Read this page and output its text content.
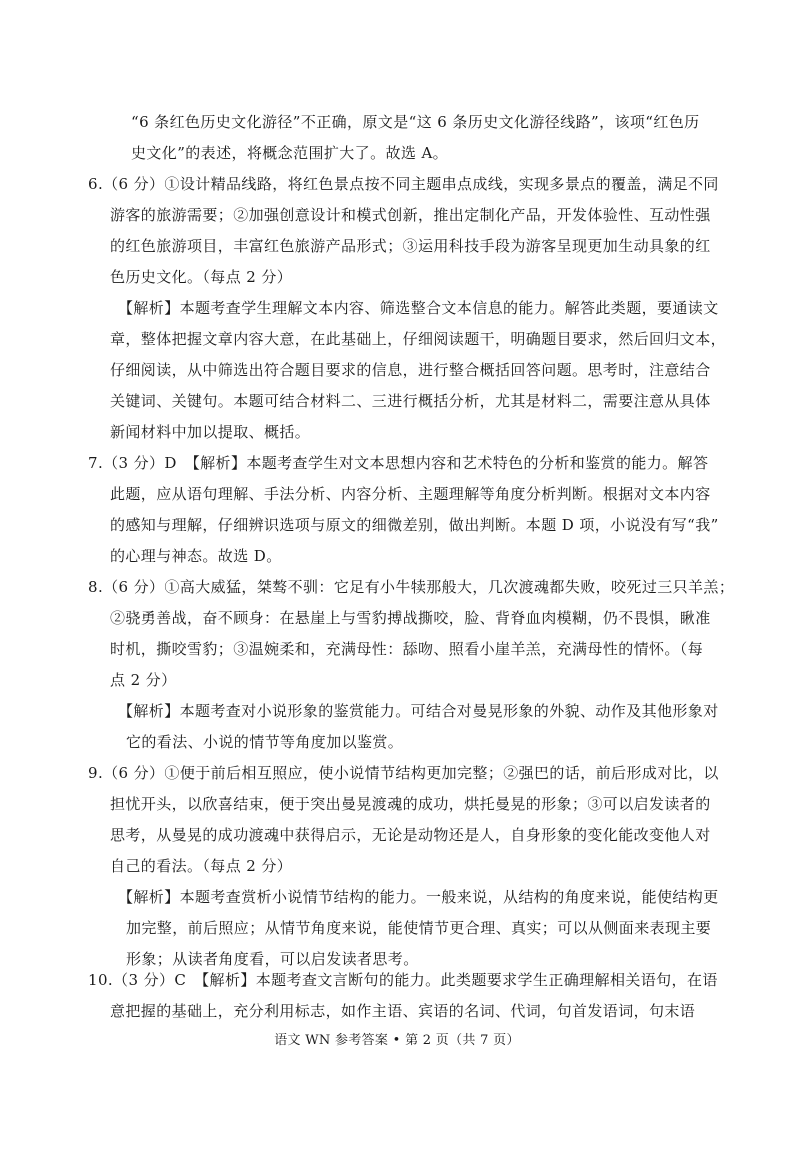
“6 条红色历史文化游径”不正确，原文是“这 6 条历史文化游径线路”，该项“红色历
史文化”的表述，将概念范围扩大了。故选 A。
6.（6 分）①设计精品线路，将红色景点按不同主题串点成线，实现多景点的覆盖，满足不同
游客的旅游需要；②加强创意设计和模式创新，推出定制化产品，开发体验性、互动性强
的红色旅游项目，丰富红色旅游产品形式；③运用科技手段为游客呈现更加生动具象的红
色历史文化。（每点 2 分）
【解析】本题考查学生理解文本内容、筛选整合文本信息的能力。解答此类题，要通读文
章，整体把握文章内容大意，在此基础上，仔细阅读题干，明确题目要求，然后回归文本，
仔细阅读，从中筛选出符合题目要求的信息，进行整合概括回答问题。思考时，注意结合
关键词、关键句。本题可结合材料二、三进行概括分析，尤其是材料二，需要注意从具体
新闻材料中加以提取、概括。
7.（3 分）D　【解析】本题考查学生对文本思想内容和艺术特色的分析和鉴赏的能力。解答
此题，应从语句理解、手法分析、内容分析、主题理解等角度分析判断。根据对文本内容
的感知与理解，仔细辨识选项与原文的细微差别，做出判断。本题 D 项，小说没有写“我”
的心理与神态。故选 D。
8.（6 分）①高大威猛，桀骜不驯：它足有小牛犊那般大，几次渡魂都失败，咬死过三只羊羔；
②骁勇善战，奋不顾身：在悬崖上与雪豹搏战撕咬，脸、背脊血肉模糊，仍不畏惧，瞅准
时机，撕咬雪豹；③温婉柔和，充满母性：舔吻、照看小崖羊羔，充满母性的情怀。（每
点 2 分）
【解析】本题考查对小说形象的鉴赏能力。可结合对曼晃形象的外貌、动作及其他形象对
它的看法、小说的情节等角度加以鉴赏。
9.（6 分）①便于前后相互照应，使小说情节结构更加完整；②强巴的话，前后形成对比，以
担忧开头，以欣喜结束，便于突出曼晃渡魂的成功，烘托曼晃的形象；③可以启发读者的
思考，从曼晃的成功渡魂中获得启示，无论是动物还是人，自身形象的变化能改变他人对
自己的看法。（每点 2 分）
【解析】本题考查赏析小说情节结构的能力。一般来说，从结构的角度来说，能使结构更
加完整，前后照应；从情节角度来说，能使情节更合理、真实；可以从侧面来表现主要
形象；从读者角度看，可以启发读者思考。
10.（3 分）C　【解析】本题考查文言断句的能力。此类题要求学生正确理解相关语句，在语
意把握的基础上，充分利用标志，如作主语、宾语的名词、代词，句首发语词，句末语
语文 WN 参考答案 • 第 2 页（共 7 页）
